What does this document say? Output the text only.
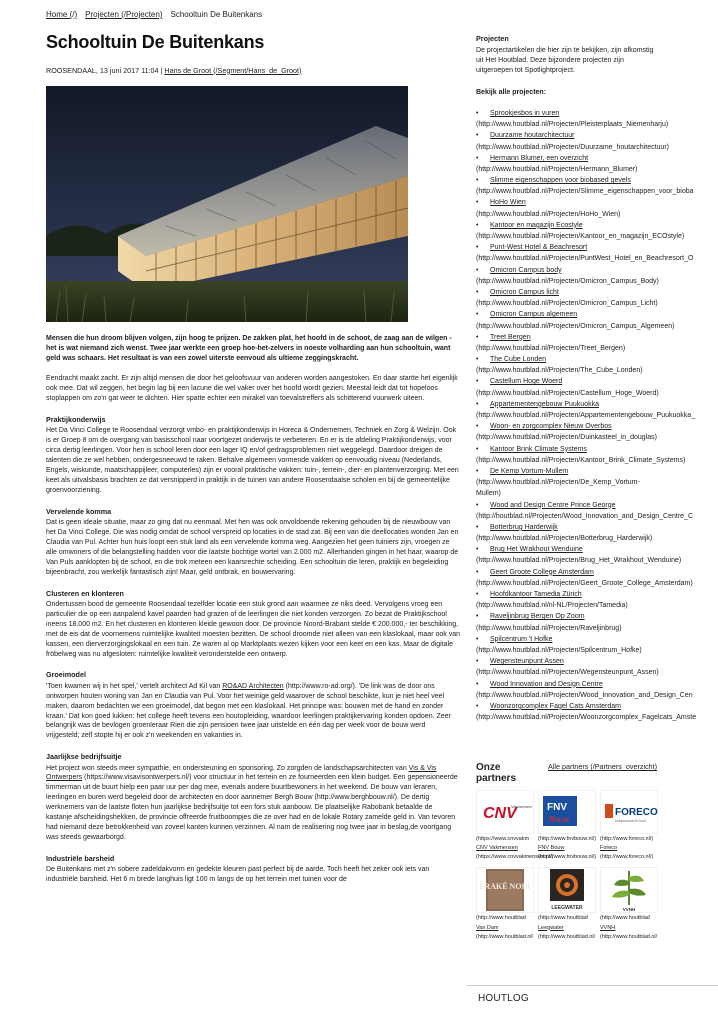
Home (/) Projecten (/Projecten) Schooltuin De Buitenkans
Schooltuin De Buitenkans
ROOSENDAAL, 13 juni 2017 11:04 | Hans de Groot (/Segment/Hans_de_Groot)

Mensen die hun droom blijven volgen, zijn hoog te prijzen. De zakken plat, het hoofd in de schoot, de zaag aan de wilgen - het is wat niemand zich wenst. Twee jaar werkte een groep hoe-het-zelvers in noeste volharding aan hun schooltuin, want geld was schaars. Het resultaat is van een zowel uiterste eenvoud als ultieme zeggingskracht.

Eendracht maakt zacht. Er zijn altijd mensen die door het geloofsvuur van anderen worden aangestoken. En daar startte het eigenlijk ook mee. Dat wil zeggen, het begin lag bij een lacune die wel vaker over het hoofd wordt gezien. Meestal leidt dat tot hopeloos stoplappen om zo'n gat weer te dichten. Hier spatte echter een mirakel van toevalstreffers als schitterend vuurwerk uiteen.

Praktijkonderwijs

Het Da Vinci College te Roosendaal verzorgt vmbo- en praktijkonderwijs in Horeca & Ondernemen, Techniek en Zorg & Welzijn. Ook is er Groep 8 om de overgang van basisschool naar voortgezet onderwijs te verbeteren. En er is de afdeling Praktijkonderwijs, voor circa dertig leerlingen. Voor hen is school leren door een lager IQ en/of gedragsproblemen niet weggelegd. Daardoor dreigen de talenten die ze wel hebben, ondergesneeuwd te raken. Behalve algemeen vormende vakken op eenvoudig niveau (Nederlands, Engels, wiskunde, maatschappijleer, computerles) zijn er vooral praktische vakken: tuin-, terrein-, dier- en plantenverzorging. Met een keet als uitvalsbasis brachten ze dat versnipperd in praktijk in de tuinen van andere Roosendaalse scholen en bij de gemeentelijke groenvoorziening.

Vervelende komma

Dat is geen ideale situatie, maar zo ging dat nu eenmaal. Met hen was ook onvoldoende rekening gehouden bij de nieuwbouw van het Da Vinci College. Die was nodig omdat de school verspreid op locaties in de stad zat. Bij een van die deellocaties wonden Jan en Claudia van Pul. Achter hun huis loopt een stuk land als een vervelende komma weg. Aangezien het geen tuiniers zijn, vroegen ze alle omwoners of die belangstelling hadden voor die laatste bochtige wortel van 2.000 m2. Allerhanden gingen in het haar, waarop de Van Puls aanklopten bij de school, en die trok meteen een kaarsrechte scheiding. Een schooltuin die leren, praktijk en begeleiding bijeenbracht, zou werkelijk fantastisch zijn! Maar, geld ontbrak, en bouwervaring.

Clusteren en klonteren

Ondertussen bood de gemeente Roosendaal tezelfder locatie een stuk grond aan waarmee ze niks deed. Vervolgens vroeg een particulier die op een aanpalend kavel paarden had grazen of de leerlingen die niet konden verzorgen. Zo bezat de Praktijkschool ineens 18.000 m2. En het clusteren en klonteren kleide gewoon door. De provincie Noord-Brabant stelde € 200.000,- ter beschikking, met de eis dat de voornemens ruimtelijke kwaliteit moesten bezitten. De school droomde niet alleen van een klaslokaal, maar ook van kassen, een dierverzorgingslokaal en een tuin. Ze waren al op Marktplaats wezen kijken voor een keet en een kas. Maar de digitale fröbelweg was nu afgesloten: ruimtelijke kwaliteit veronderstelde een ontwerp.

Groeimodel

'Toen kwamen wij in het spel,' vertelt architect Ad Kil van RO&AD Architecten (http://www.ro-ad.org/). 'De link was de door ons ontworpen houten woning van Jan en Claudia van Pul. Voor het weinige geld waarover de school beschikte, kun je niet heel veel maken, daarom bedachten we een groeimodel, dat begon met een klaslokaal. Het principe was: bouwen met de hand en zonder kraan.' Dat kon goed lukken: het college heeft tevens een houtopleiding, waardoor leerlingen praktijkervaring konden opdoen. Zeer belangrijk was de bevlogen groenleraar Rien die zijn pensioen twee jaar uitstelde en één dag per week voor de bouw werd vrijgesteld; zelf stopte hij er ook z'n weekenden en vakanties in.

Jaarlijkse bedrijfsuitje

Het project won steeds meer sympathie, en ondersteuning en sponsoring. Zo zorgden de landschapsarchitecten van Vis & Vis Ontwerpers (https://www.visavisontwerpers.nl/) voor structuur in het terrein en ze fourneerden een klein budget. Een gepensioneerde timmerman uit de buurt hielp een paar uur per dag mee, evenals andere buurtbewoners in het weekend. De bouw van leraren, leerlingen en buren werd begeleid door de architecten en door aannemer Bergh Bouw (http://www.berghbouw.nl/). De dertig werknemers van de laatste floten hun jaarlijkse bedrijfsuitje tot een fors stuk aanbouw. De plaatselijke Rabobank betaalde de kastanje afscheidingshekken, de provincie offreerde fruitboompjes die ze over had en de lokale Rotary zamelde geld in. Van tevoren had niemand deze betrokkenheid van zoveel kanten kunnen verzinnen. Al nam de realisering nog twee jaar in beslag,de voortgang was steeds gewaarborgd.

Industriële barsheid

De Buitenkans met z'n sobere zadeldakvorm en gedekte kleuren past perfect bij de aarde. Toch heeft het zeker ook iets van industriële barsheid. Het 6 m brede langhuis ligt 100 m langs de op het terrein met tuinen voor de

Projecten

De projectartikelen die hier zijn te bekijken, zijn afkomstig uit Het Houtblad. Deze bijzondere projecten zijn uitgeroepen tot Spotlightproject.

Bekijk alle projecten:

• Sprookjesbos in vuren
(http://www.houtblad.nl/Projecten/Pleisterplaats_Niemenharju)
• Duurzame houtarchitectuur
(http://www.houtblad.nl/Projecten/Duurzame_houtarchitectuur)
• Hermann Blumer, een overzicht
(http://www.houtblad.nl/Projecten/Hermann_Blumer)
• Slimme eigenschappen voor biobased gevels
(http://www.houtblad.nl/Projecten/Slimme_eigenschappen_voor_bioba
• HoHo Wien
(http://www.houtblad.nl/Projecten/HoHo_Wien)
• Kantoor en magazijn Ecostyle
(http://www.houtblad.nl/Projecten/Kantoor_en_magazijn_ECOstyle)
• Punt-West Hotel & Beachresort
(http://www.houtblad.nl/Projecten/PuntWest_Hotel_en_Beachresort_O
• Omicron Campus body
(http://www.houtblad.nl/Projecten/Omicron_Campus_Body)
• Omicron Campus licht
(http://www.houtblad.nl/Projecten/Omicron_Campus_Licht)
• Omicron Campus algemeen
(http://www.houtblad.nl/Projecten/Omicron_Campus_Algemeen)
• Treet Bergen
(http://www.houtblad.nl/Projecten/Treet_Bergen)
• The Cube Londen
(http://www.houtblad.nl/Projecten/The_Cube_Londen)
• Castellum Hoge Woerd
(http://www.houtblad.nl/Projecten/Castellum_Hoge_Woerd)
• Appartementengebouw Puukuokka
(http://www.houtblad.nl/Projecten/Appartementengebouw_Puukuokka_
• Woon- en zorgcomplex Nieuw Overbos
(http://www.houtblad.nl/Projecten/Duinkasteel_in_douglas)
• Kantoor Brink Climate Systems
(http://www.houtblad.nl/Projecten/Kantoor_Brink_Climate_Systems)
• De Kemp Vortum-Mullem
(http://www.houtblad.nl/Projecten/De_Kemp_Vortum-
Mullem)
• Wood and Design Centre Prince George
(http://houtblad.nl/Projecten/Wood_Innovation_and_Design_Centre_C
• Botterbrug Harderwijk
(http://www.houtblad.nl/Projecten/Botterbrug_Harderwijk)
• Brug Het Wrakhout Wenduine
(http://www.houtblad.nl/Projecten/Brug_Het_Wrakhout_Wenduine)
• Geert Groote College Amsterdam
(http://www.houtblad.nl/Projecten/Geert_Groote_College_Amsterdam)
• Hoofdkantoor Tamedia Zürich
(http://www.houtblad.nl/nl-NL/Projecten/Tamedia)
• Raveljinbrug Bergen Op Zoom
(http://www.houtblad.nl/Projecten/Raveljinbrug)
• Spilcentrum 't Hofke
(http://www.houtblad.nl/Projecten/Spilcentrum_Hofke)
• Wegensteunpunt Assen
(http://www.houtblad.nl/Projecten/Wegensteunpunt_Assen)
• Wood Innovation and Design Centre
(http://www.houtblad.nl/Projecten/Wood_Innovation_and_Design_Cen
• Woonzorgcomplex Fagel Cats Amsterdam
(http://www.houtblad.nl/Projecten/Woonzorgcomplex_Fagelcats_Amste
Onze partners
Alle partners (/Partners_overzicht)
CNV
Vakmensen
(https://www.cnvvakm
CNV Vakmensen
(https://www.cnvvakmensen.nl/)
FNV
Bouw
(http://www.fnvbouw.nl/)
FNV Bouw
(http://www.fnvbouw.nl/)
FORECO
Uniquewood in hout
(http://www.foreco.nl/)
Foreco
(http://www.foreco.nl/)
FRAKÉ NOIR
(http://www.houtblad
Van Dam
(http://www.houtblad.nl/
LEEGWATER
(http://www.houtblad
Leegwater
(http://www.houtblad.nl/
VVNH
(http://www.houtblad
VVNH
(http://www.houtblad.nl/
HOUTLOG
